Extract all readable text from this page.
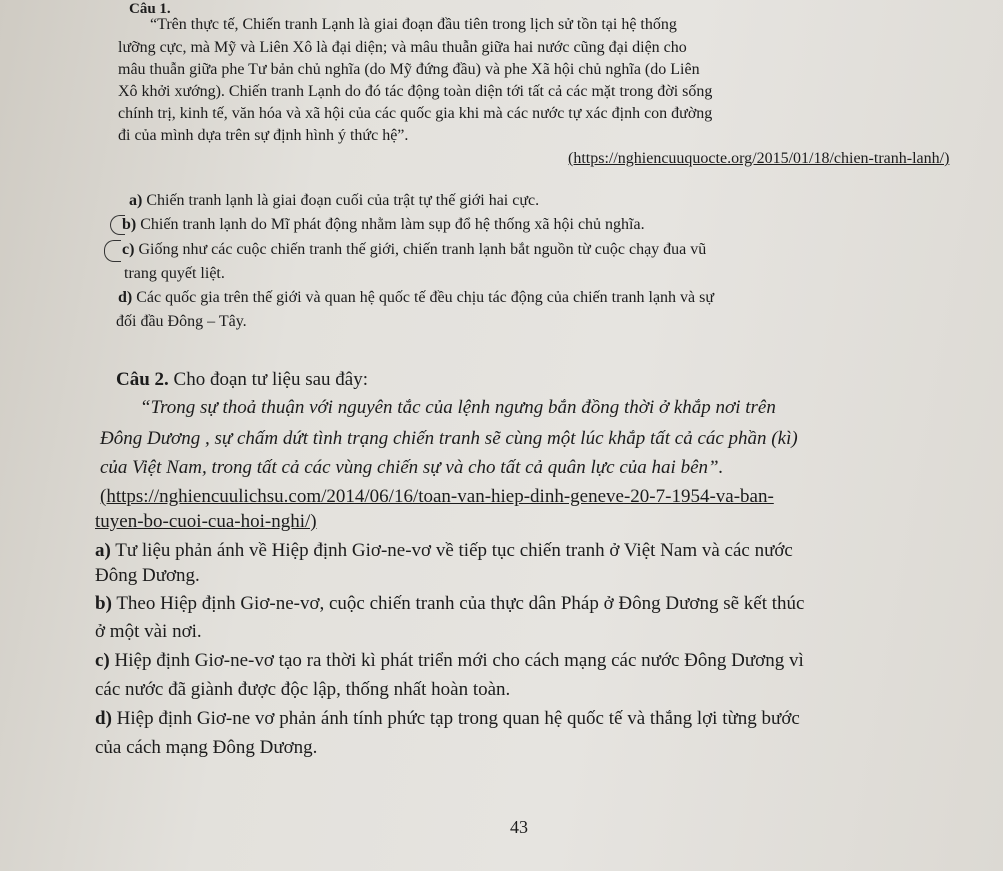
Câu 1.
“Trên thực tế, Chiến tranh Lạnh là giai đoạn đầu tiên trong lịch sử tồn tại hệ thống
lưỡng cực, mà Mỹ và Liên Xô là đại diện; và mâu thuẫn giữa hai nước cũng đại diện cho
mâu thuẫn giữa phe Tư bản chủ nghĩa (do Mỹ đứng đầu) và phe Xã hội chủ nghĩa (do Liên
Xô khởi xướng). Chiến tranh Lạnh do đó tác động toàn diện tới tất cả các mặt trong đời sống
chính trị, kinh tế, văn hóa và xã hội của các quốc gia khi mà các nước tự xác định con đường
đi của mình dựa trên sự định hình ý thức hệ”.
(https://nghiencuuquocte.org/2015/01/18/chien-tranh-lanh/)
a) Chiến tranh lạnh là giai đoạn cuối của trật tự thế giới hai cực.
b) Chiến tranh lạnh do Mĩ phát động nhằm làm sụp đổ hệ thống xã hội chủ nghĩa.
c) Giống như các cuộc chiến tranh thế giới, chiến tranh lạnh bắt nguồn từ cuộc chạy đua vũ
trang quyết liệt.
d) Các quốc gia trên thế giới và quan hệ quốc tế đều chịu tác động của chiến tranh lạnh và sự
đối đầu Đông – Tây.
Câu 2. Cho đoạn tư liệu sau đây:
“Trong sự thoả thuận với nguyên tắc của lệnh ngưng bắn đồng thời ở khắp nơi trên
Đông Dương , sự chấm dứt tình trạng chiến tranh sẽ cùng một lúc khắp tất cả các phần (kì)
của Việt Nam, trong tất cả các vùng chiến sự và cho tất cả quân lực của hai bên”.
(https://nghiencuulichsu.com/2014/06/16/toan-van-hiep-dinh-geneve-20-7-1954-va-ban-
tuyen-bo-cuoi-cua-hoi-nghi/)
a) Tư liệu phản ánh về Hiệp định Giơ-ne-vơ về tiếp tục chiến tranh ở Việt Nam và các nước
Đông Dương.
b) Theo Hiệp định Giơ-ne-vơ, cuộc chiến tranh của thực dân Pháp ở Đông Dương sẽ kết thúc
ở một vài nơi.
c) Hiệp định Giơ-ne-vơ tạo ra thời kì phát triển mới cho cách mạng các nước Đông Dương vì
các nước đã giành được độc lập, thống nhất hoàn toàn.
d) Hiệp định Giơ-ne vơ phản ánh tính phức tạp trong quan hệ quốc tế và thắng lợi từng bước
của cách mạng Đông Dương.
43
